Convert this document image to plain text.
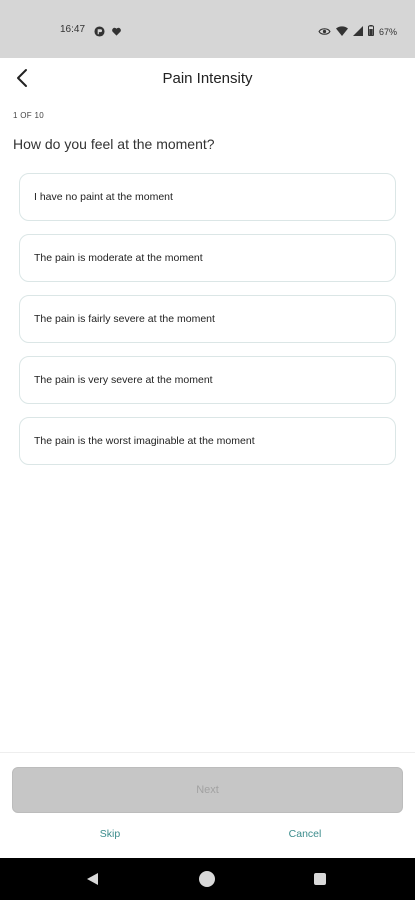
16:47	67%
Pain Intensity
1 OF 10
How do you feel at the moment?
I have no paint at the moment
The pain is moderate at the moment
The pain is fairly severe at the moment
The pain is very severe at the moment
The pain is the worst imaginable at the moment
Next
Skip	Cancel
